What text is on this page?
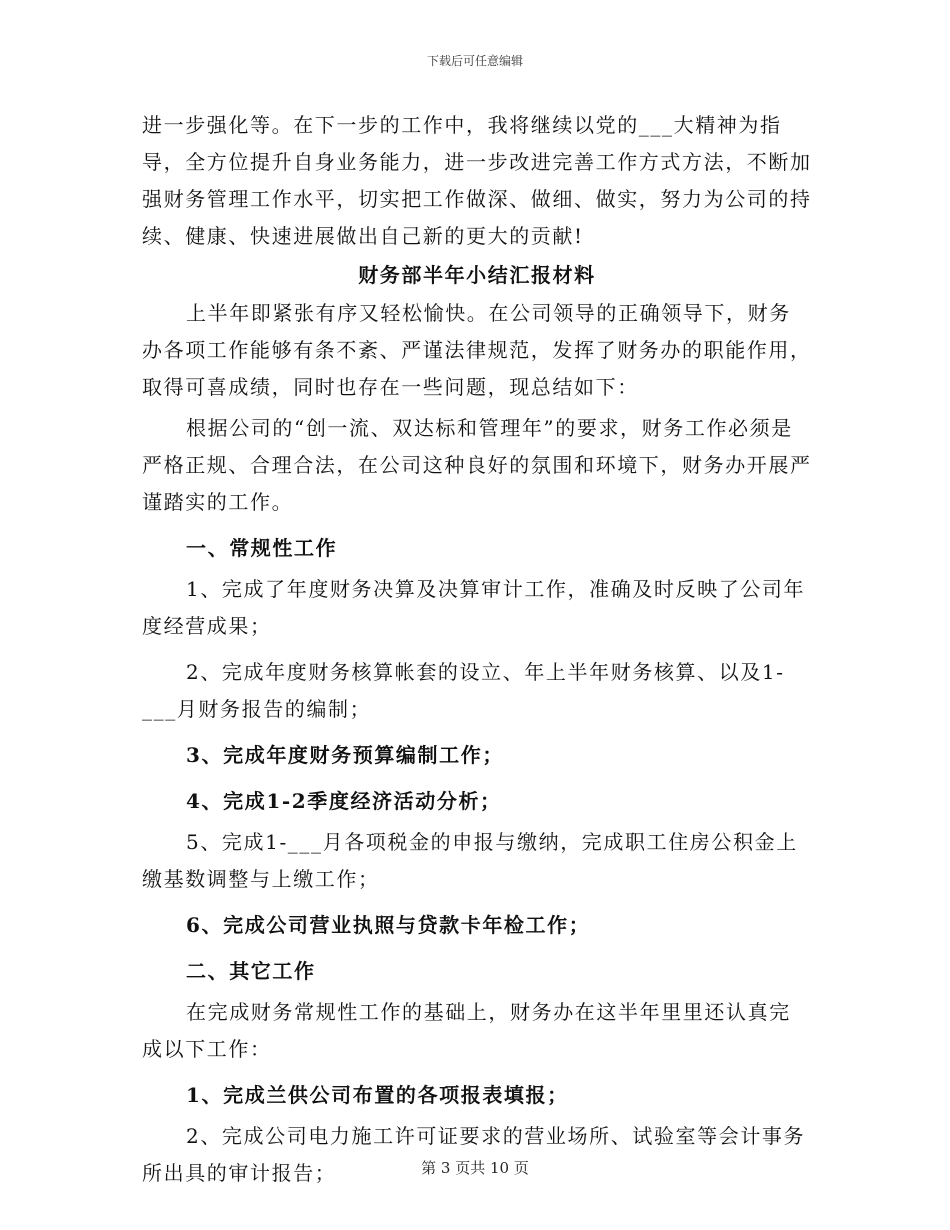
下载后可任意编辑

进一步强化等。在下一步的工作中，我将继续以党的___大精神为指导，全方位提升自身业务能力，进一步改进完善工作方式方法，不断加强财务管理工作水平，切实把工作做深、做细、做实，努力为公司的持续、健康、快速进展做出自己新的更大的贡献!

财务部半年小结汇报材料

上半年即紧张有序又轻松愉快。在公司领导的正确领导下，财务办各项工作能够有条不紊、严谨法律规范，发挥了财务办的职能作用，取得可喜成绩，同时也存在一些问题，现总结如下：

根据公司的“创一流、双达标和管理年”的要求，财务工作必须是严格正规、合理合法，在公司这种良好的氛围和环境下，财务办开展严谨踏实的工作。

一、常规性工作

1、完成了年度财务决算及决算审计工作，准确及时反映了公司年度经营成果；

2、完成年度财务核算帐套的设立、年上半年财务核算、以及1-___月财务报告的编制；

3、完成年度财务预算编制工作；

4、完成1-2季度经济活动分析；

5、完成1-___月各项税金的申报与缴纳，完成职工住房公积金上缴基数调整与上缴工作；

6、完成公司营业执照与贷款卡年检工作；

二、其它工作

在完成财务常规性工作的基础上，财务办在这半年里里还认真完成以下工作：

1、完成兰供公司布置的各项报表填报；

2、完成公司电力施工许可证要求的营业场所、试验室等会计事务所出具的审计报告；	第 3 页共 10 页
